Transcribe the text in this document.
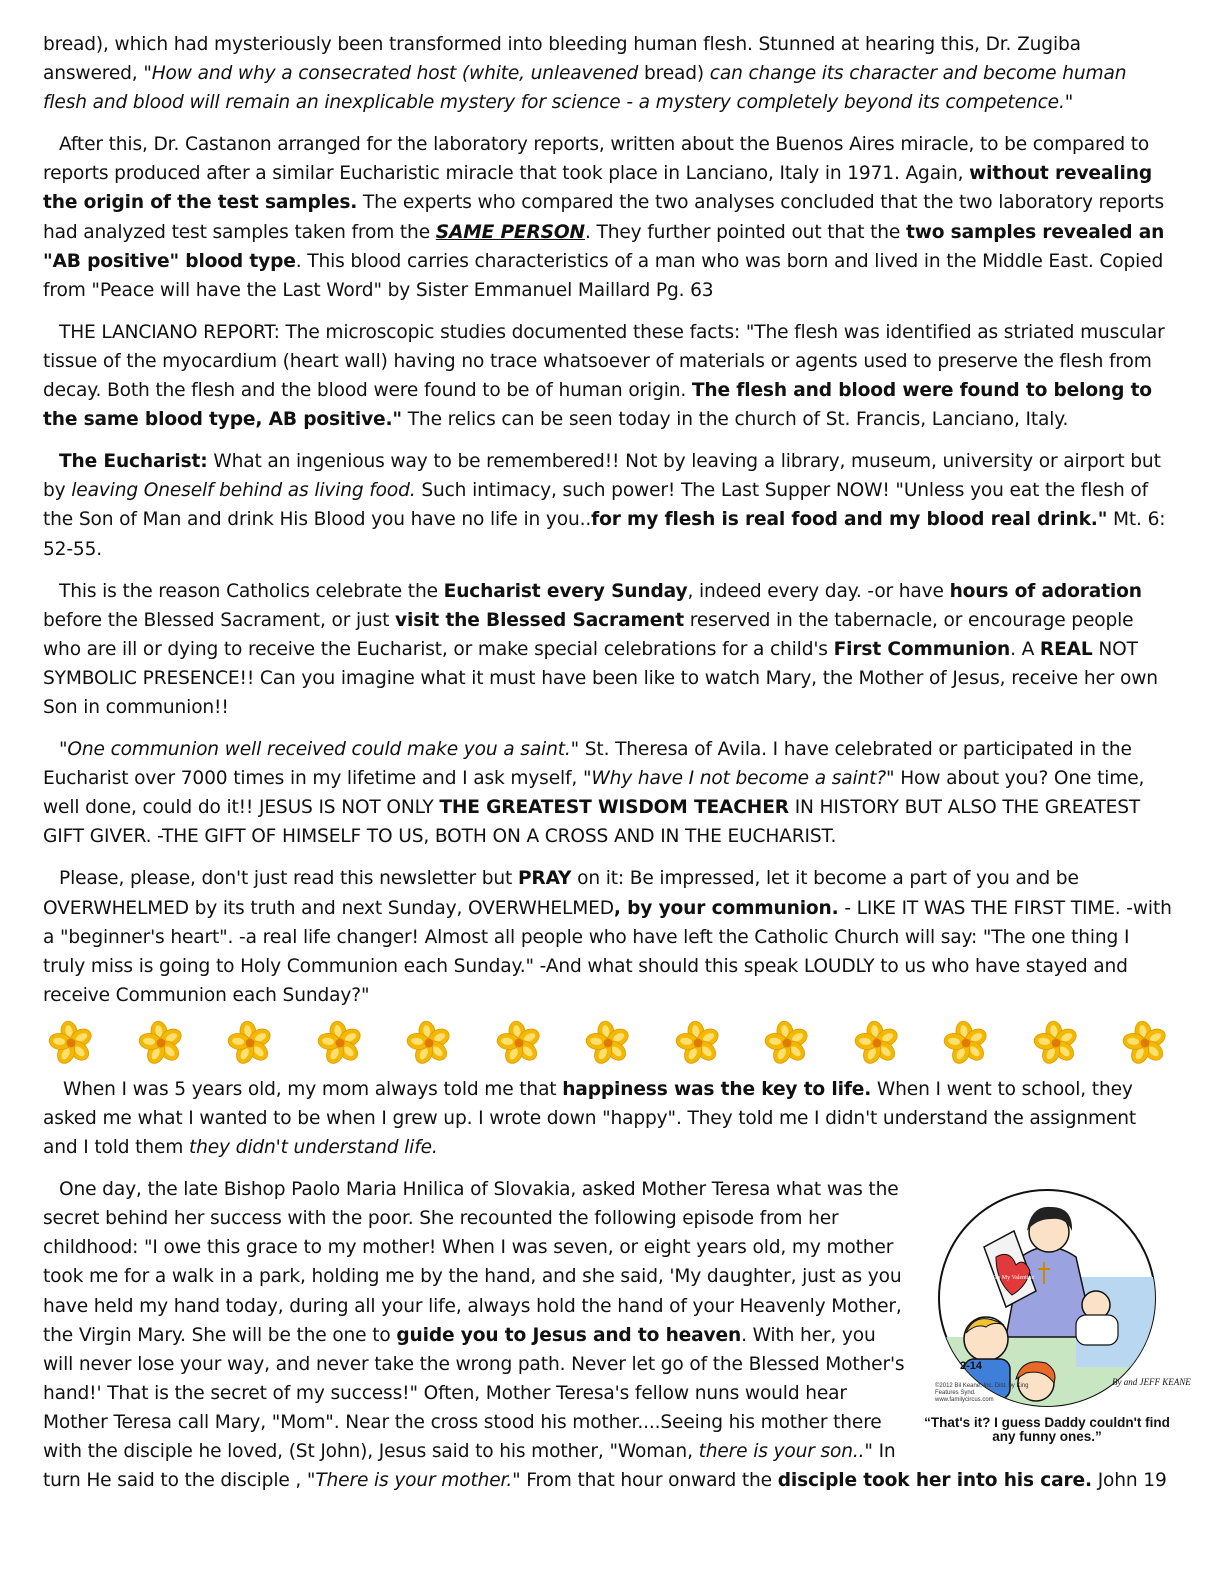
bread), which had mysteriously been transformed into bleeding human flesh. Stunned at hearing this, Dr. Zugiba answered, "How and why a consecrated host (white, unleavened bread) can change its character and become human flesh and blood will remain an inexplicable mystery for science - a mystery completely beyond its competence."

After this, Dr. Castanon arranged for the laboratory reports, written about the Buenos Aires miracle, to be compared to reports produced after a similar Eucharistic miracle that took place in Lanciano, Italy in 1971. Again, without revealing the origin of the test samples. The experts who compared the two analyses concluded that the two laboratory reports had analyzed test samples taken from the SAME PERSON. They further pointed out that the two samples revealed an "AB positive" blood type. This blood carries characteristics of a man who was born and lived in the Middle East. Copied from "Peace will have the Last Word" by Sister Emmanuel Maillard Pg. 63

THE LANCIANO REPORT: The microscopic studies documented these facts: "The flesh was identified as striated muscular tissue of the myocardium (heart wall) having no trace whatsoever of materials or agents used to preserve the flesh from decay. Both the flesh and the blood were found to be of human origin. The flesh and blood were found to belong to the same blood type, AB positive." The relics can be seen today in the church of St. Francis, Lanciano, Italy.

The Eucharist: What an ingenious way to be remembered!! Not by leaving a library, museum, university or airport but by leaving Oneself behind as living food. Such intimacy, such power! The Last Supper NOW! "Unless you eat the flesh of the Son of Man and drink His Blood you have no life in you..for my flesh is real food and my blood real drink." Mt. 6: 52-55.

This is the reason Catholics celebrate the Eucharist every Sunday, indeed every day. -or have hours of adoration before the Blessed Sacrament, or just visit the Blessed Sacrament reserved in the tabernacle, or encourage people who are ill or dying to receive the Eucharist, or make special celebrations for a child's First Communion. A REAL NOT SYMBOLIC PRESENCE!! Can you imagine what it must have been like to watch Mary, the Mother of Jesus, receive her own Son in communion!!

"One communion well received could make you a saint." St. Theresa of Avila. I have celebrated or participated in the Eucharist over 7000 times in my lifetime and I ask myself, "Why have I not become a saint?" How about you? One time, well done, could do it!! JESUS IS NOT ONLY THE GREATEST WISDOM TEACHER IN HISTORY BUT ALSO THE GREATEST GIFT GIVER. -THE GIFT OF HIMSELF TO US, BOTH ON A CROSS AND IN THE EUCHARIST.

Please, please, don't just read this newsletter but PRAY on it: Be impressed, let it become a part of you and be OVERWHELMED by its truth and next Sunday, OVERWHELMED, by your communion. - LIKE IT WAS THE FIRST TIME. -with a "beginner's heart". -a real life changer! Almost all people who have left the Catholic Church will say: "The one thing I truly miss is going to Holy Communion each Sunday." -And what should this speak LOUDLY to us who have stayed and receive Communion each Sunday?"

When I was 5 years old, my mom always told me that happiness was the key to life. When I went to school, they asked me what I wanted to be when I grew up. I wrote down "happy". They told me I didn't understand the assignment and I told them they didn't understand life.

2-14
By and JEFF KEANE
To My Valentine
©2012 Bil Keane, Inc. Dist. by King Features Synd. www.familycircus.com
“That's it? I guess Daddy couldn't find any funny ones.”

One day, the late Bishop Paolo Maria Hnilica of Slovakia, asked Mother Teresa what was the secret behind her success with the poor. She recounted the following episode from her childhood: "I owe this grace to my mother! When I was seven, or eight years old, my mother took me for a walk in a park, holding me by the hand, and she said, 'My daughter, just as you have held my hand today, during all your life, always hold the hand of your Heavenly Mother, the Virgin Mary. She will be the one to guide you to Jesus and to heaven. With her, you will never lose your way, and never take the wrong path. Never let go of the Blessed Mother's hand!' That is the secret of my success!" Often, Mother Teresa's fellow nuns would hear Mother Teresa call Mary, "Mom". Near the cross stood his mother....Seeing his mother there with the disciple he loved, (St John), Jesus said to his mother, "Woman, there is your son.." In turn He said to the disciple , "There is your mother." From that hour onward the disciple took her into his care. John 19
